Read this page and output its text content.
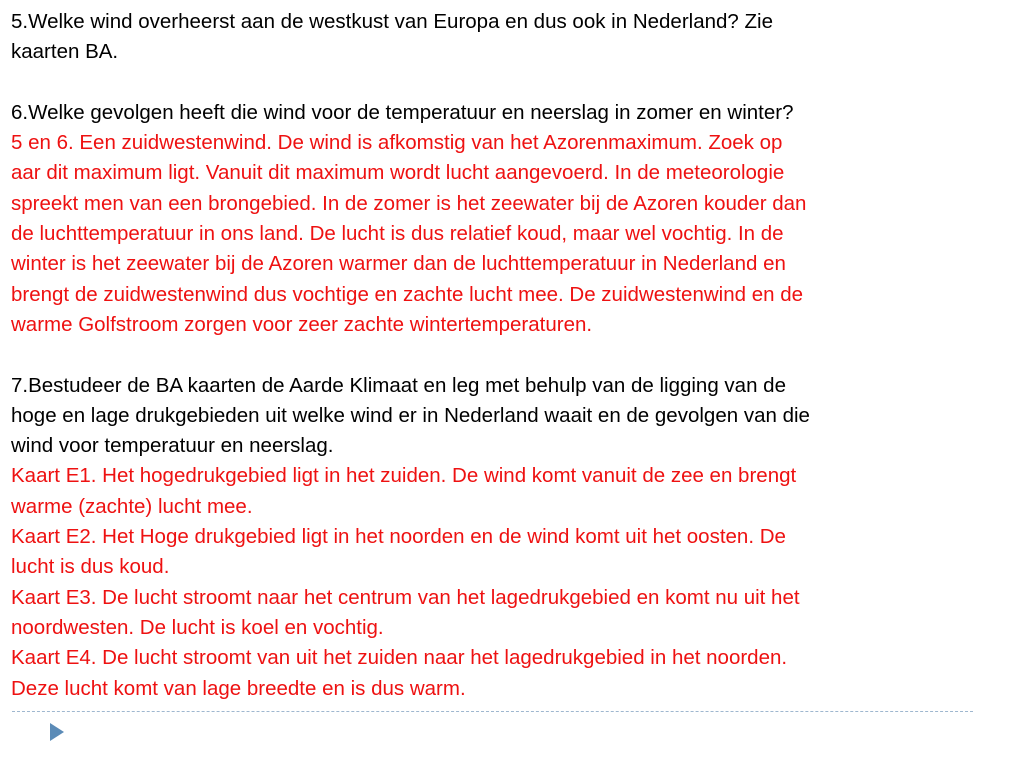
5.Welke wind overheerst aan de westkust van Europa en dus ook in Nederland? Zie
kaarten BA.
6.Welke gevolgen heeft die wind voor de temperatuur en neerslag in zomer en winter?
5 en 6. Een zuidwestenwind. De wind is afkomstig van het Azorenmaximum. Zoek op
aar dit maximum ligt. Vanuit dit maximum wordt lucht aangevoerd. In de meteorologie
spreekt men van een brongebied. In de zomer is het zeewater bij de Azoren kouder dan
de luchttemperatuur in ons land. De lucht is dus relatief koud, maar wel vochtig. In de
winter is het zeewater bij de Azoren warmer dan de luchttemperatuur in Nederland en
brengt de zuidwestenwind dus vochtige en zachte lucht mee. De zuidwestenwind en de
warme Golfstroom zorgen voor zeer zachte wintertemperaturen.
7.Bestudeer de BA kaarten de Aarde Klimaat en leg met behulp van de ligging van de
hoge en lage drukgebieden uit welke wind er in Nederland waait en de gevolgen van die
wind voor temperatuur en neerslag.
Kaart E1. Het hogedrukgebied ligt in het zuiden. De wind komt vanuit de zee en brengt
warme (zachte) lucht mee.
Kaart E2. Het Hoge drukgebied ligt in het noorden en de wind komt uit het oosten. De
lucht is dus koud.
Kaart E3. De lucht stroomt naar het centrum van het lagedrukgebied en komt nu uit het
noordwesten. De lucht is koel en vochtig.
Kaart E4. De lucht stroomt van uit het zuiden naar het lagedrukgebied in het noorden.
Deze lucht komt van lage breedte en is dus warm.
